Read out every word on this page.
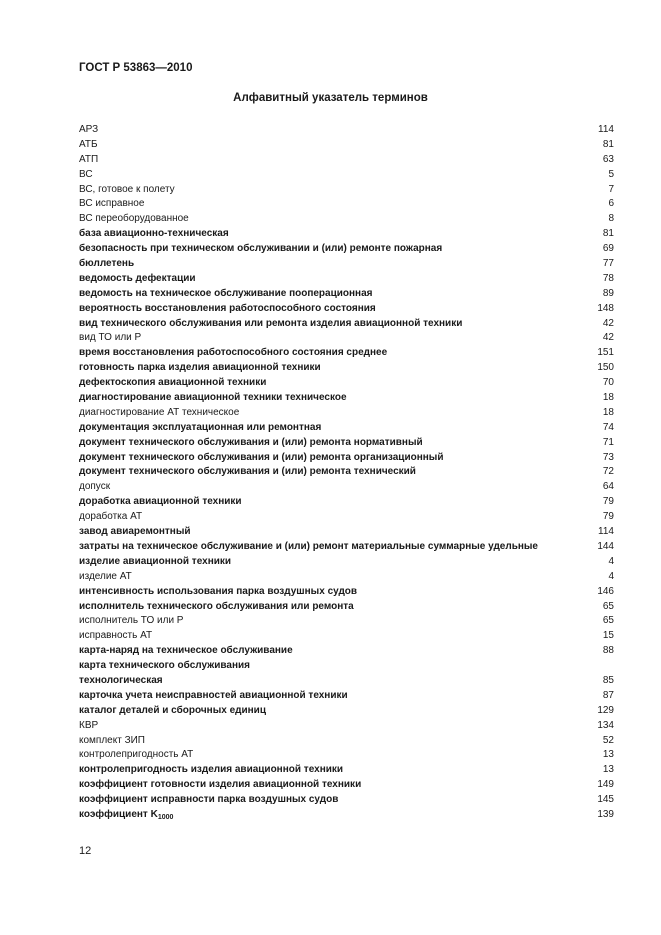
ГОСТ Р 53863—2010
Алфавитный указатель терминов
АРЗ	114
АТБ	81
АТП	63
ВС	5
ВС, готовое к полету	7
ВС исправное	6
ВС переоборудованное	8
база авиационно-техническая	81
безопасность при техническом обслуживании и (или) ремонте пожарная	69
бюллетень	77
ведомость дефектации	78
ведомость на техническое обслуживание пооперационная	89
вероятность восстановления работоспособного состояния	148
вид технического обслуживания или ремонта изделия авиационной техники	42
вид ТО или Р	42
время восстановления работоспособного состояния среднее	151
готовность парка изделия авиационной техники	150
дефектоскопия авиационной техники	70
диагностирование авиационной техники техническое	18
диагностирование АТ техническое	18
документация эксплуатационная или ремонтная	74
документ технического обслуживания и (или) ремонта нормативный	71
документ технического обслуживания и (или) ремонта организационный	73
документ технического обслуживания и (или) ремонта технический	72
допуск	64
доработка авиационной техники	79
доработка АТ	79
завод авиаремонтный	114
затраты на техническое обслуживание и (или) ремонт материальные суммарные удельные	144
изделие авиационной техники	4
изделие АТ	4
интенсивность использования парка воздушных судов	146
исполнитель технического обслуживания или ремонта	65
исполнитель ТО или Р	65
исправность АТ	15
карта-наряд на техническое обслуживание	88
карта технического обслуживания
технологическая	85
карточка учета неисправностей авиационной техники	87
каталог деталей и сборочных единиц	129
КВР	134
комплект ЗИП	52
контролепригодность АТ	13
контролепригодность изделия авиационной техники	13
коэффициент готовности изделия авиационной техники	149
коэффициент исправности парка воздушных судов	145
коэффициент $K_{1000}$	139
12
